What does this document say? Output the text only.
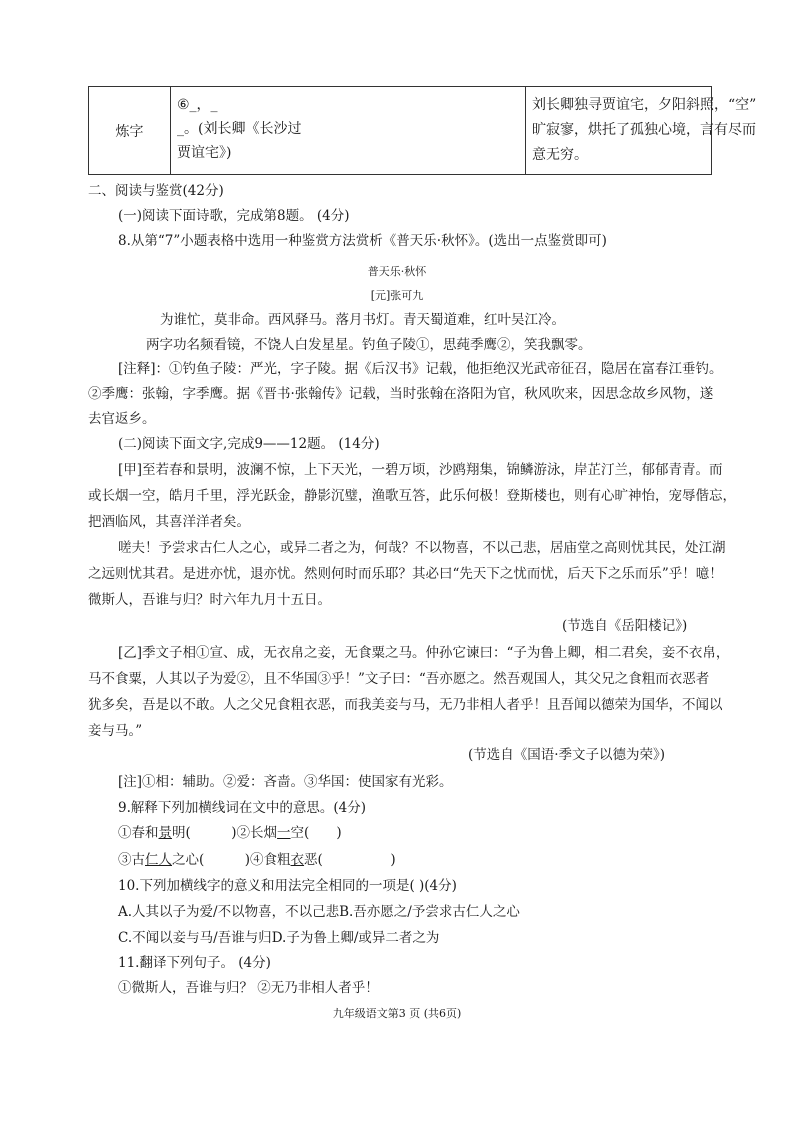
炼字
⑥_，_
_。(刘长卿《长沙过
贾谊宅》)
刘长卿独寻贾谊宅，夕阳斜照，“空”
旷寂寥，烘托了孤独心境，言有尽而
意无穷。
二、阅读与鉴赏(42分)
(一)阅读下面诗歌，完成第8题。 (4分)
8.从第“7”小题表格中选用一种鉴赏方法赏析《普天乐·秋怀》。(选出一点鉴赏即可)
普天乐·秋怀
[元]张可九
为谁忙，莫非命。西风驿马。落月书灯。青天蜀道难，红叶吴江冷。
两字功名频看镜，不饶人白发星星。钓鱼子陵①，思莼季鹰②，笑我飘零。
[注释]：①钓鱼子陵：严光，字子陵。据《后汉书》记载，他拒绝汉光武帝征召，隐居在富春江垂钓。
②季鹰：张翰，字季鹰。据《晋书·张翰传》记载，当时张翰在洛阳为官，秋风吹来，因思念故乡风物，遂
去官返乡。
(二)阅读下面文字,完成9——12题。 (14分)
[甲]至若春和景明，波澜不惊，上下天光，一碧万顷，沙鸥翔集，锦鳞游泳，岸芷汀兰，郁郁青青。而
或长烟一空，皓月千里，浮光跃金，静影沉璧，渔歌互答，此乐何极！登斯楼也，则有心旷神怡，宠辱偕忘，
把酒临风，其喜洋洋者矣。
嗟夫！予尝求古仁人之心，或异二者之为，何哉？不以物喜，不以己悲，居庙堂之高则忧其民，处江湖
之远则忧其君。是进亦忧，退亦忧。然则何时而乐耶？其必曰“先天下之忧而忧，后天下之乐而乐”乎！噫！
微斯人，吾谁与归？时六年九月十五日。
(节选自《岳阳楼记》)
[乙]季文子相①宣、成，无衣帛之妾，无食粟之马。仲孙它谏曰：“子为鲁上卿，相二君矣，妾不衣帛，
马不食粟，人其以子为爱②，且不华国③乎！”文子曰：“吾亦愿之。然吾观国人，其父兄之食粗而衣恶者
犹多矣，吾是以不敢。人之父兄食粗衣恶，而我美妾与马，无乃非相人者乎！且吾闻以德荣为国华，不闻以
妾与马。”
(节选自《国语·季文子以德为荣》)
[注]①相：辅助。②爱：吝啬。③华国：使国家有光彩。
9.解释下列加横线词在文中的意思。(4分)
①春和景明(　　　)②长烟一空(　　)
③古仁人之心(　　　)④食粗衣恶(　　　　　)
10.下列加横线字的意义和用法完全相同的一项是( )(4分)
A.人其以子为爱/不以物喜，不以己悲B.吾亦愿之/予尝求古仁人之心
C.不闻以妾与马/吾谁与归D.子为鲁上卿/或异二者之为
11.翻译下列句子。 (4分)
①微斯人，吾谁与归？ ②无乃非相人者乎！
九年级语文第3 页 (共6页)
